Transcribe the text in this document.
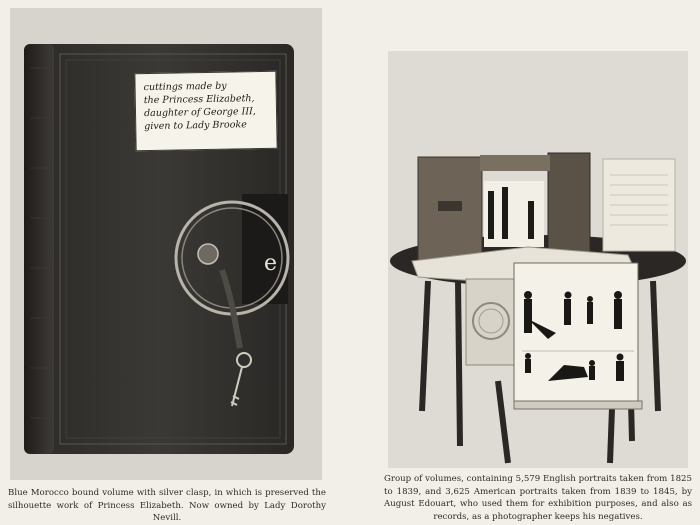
e
cuttings made by
the Princess Elizabeth,
daughter of George III,
given to Lady Brooke

Blue Morocco bound volume with silver clasp, in which is preserved the silhouette work of Princess Elizabeth. Now owned by Lady Dorothy Nevill.

Group of volumes, containing 5,579 English portraits taken from 1825 to 1839, and 3,625 American portraits taken from 1839 to 1845, by August Edouart, who used them for exhibition purposes, and also as records, as a photographer keeps his negatives.
